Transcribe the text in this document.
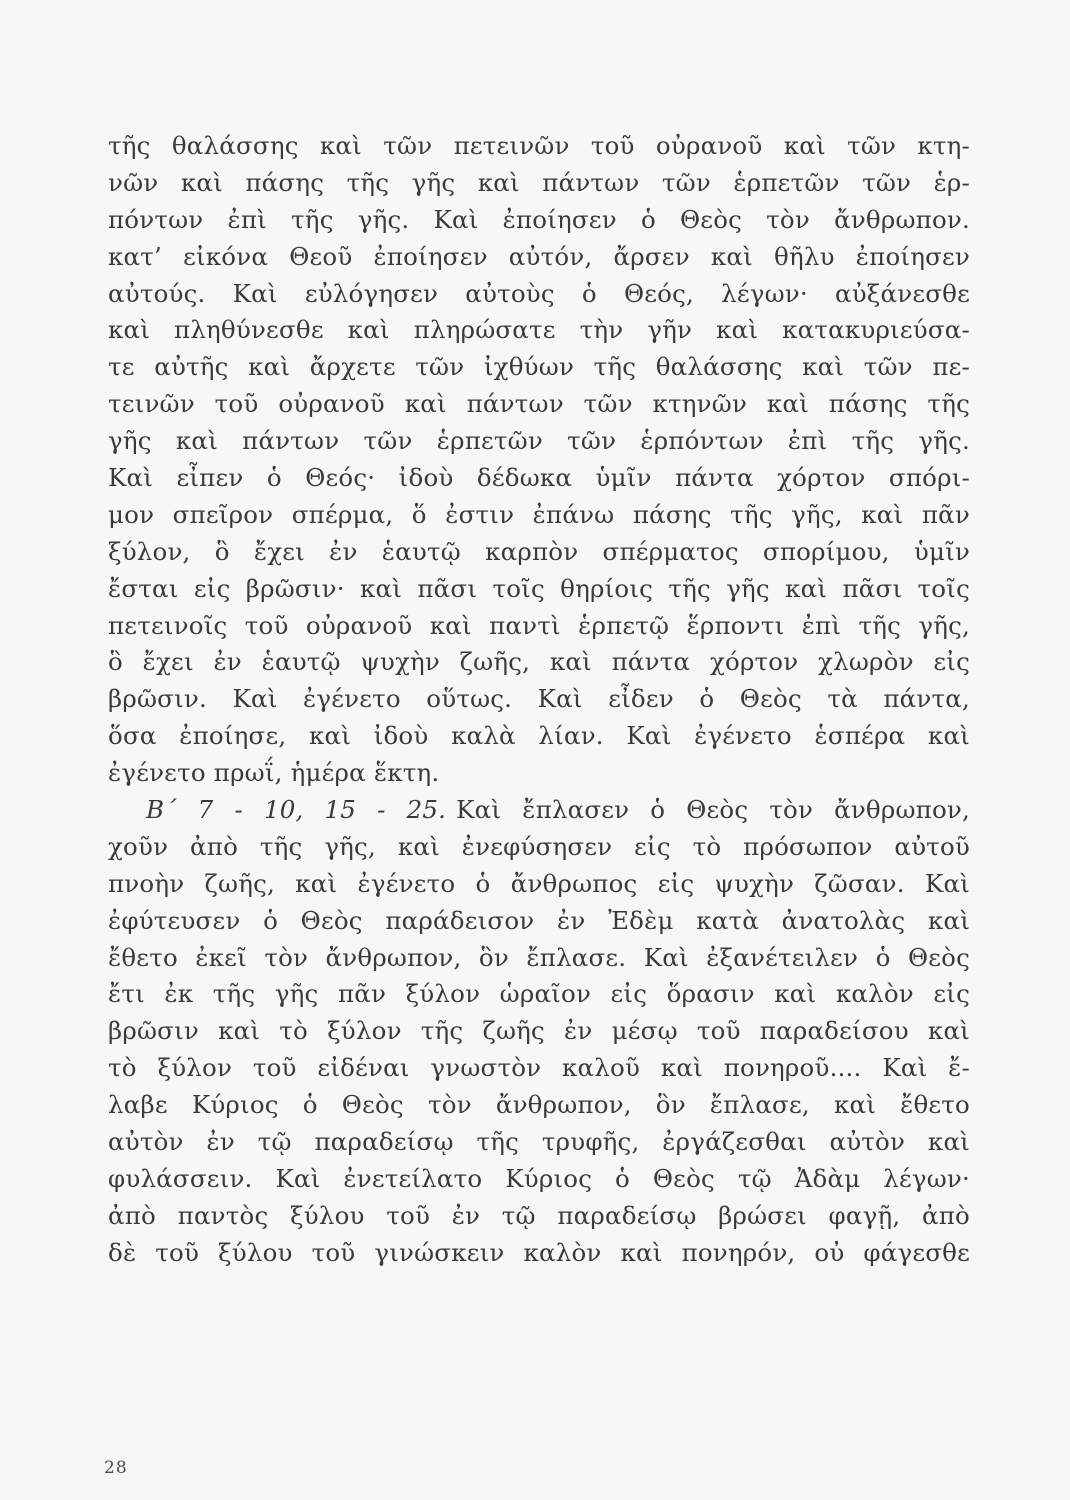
τῆς θαλάσσης καὶ τῶν πετεινῶν τοῦ οὐρανοῦ καὶ τῶν κτη-
νῶν καὶ πάσης τῆς γῆς καὶ πάντων τῶν ἑρπετῶν τῶν ἑρ-
πόντων ἐπὶ τῆς γῆς. Καὶ ἐποίησεν ὁ Θεὸς τὸν ἄνθρωπον.
κατ’ εἰκόνα Θεοῦ ἐποίησεν αὐτόν, ἄρσεν καὶ θῆλυ ἐποίησεν
αὐτούς. Καὶ εὐλόγησεν αὐτοὺς ὁ Θεός, λέγων· αὐξάνεσθε
καὶ πληθύνεσθε καὶ πληρώσατε τὴν γῆν καὶ κατακυριεύσα-
τε αὐτῆς καὶ ἄρχετε τῶν ἰχθύων τῆς θαλάσσης καὶ τῶν πε-
τεινῶν τοῦ οὐρανοῦ καὶ πάντων τῶν κτηνῶν καὶ πάσης τῆς
γῆς καὶ πάντων τῶν ἑρπετῶν τῶν ἑρπόντων ἐπὶ τῆς γῆς.
Καὶ εἶπεν ὁ Θεός· ἰδοὺ δέδωκα ὑμῖν πάντα χόρτον σπόρι-
μον σπεῖρον σπέρμα, ὅ ἐστιν ἐπάνω πάσης τῆς γῆς, καὶ πᾶν
ξύλον, ὃ ἔχει ἐν ἑαυτῷ καρπὸν σπέρματος σπορίμου, ὑμῖν
ἔσται εἰς βρῶσιν· καὶ πᾶσι τοῖς θηρίοις τῆς γῆς καὶ πᾶσι τοῖς
πετεινοῖς τοῦ οὐρανοῦ καὶ παντὶ ἑρπετῷ ἕρποντι ἐπὶ τῆς γῆς,
ὃ ἔχει ἐν ἑαυτῷ ψυχὴν ζωῆς, καὶ πάντα χόρτον χλωρὸν εἰς
βρῶσιν. Καὶ ἐγένετο οὕτως. Καὶ εἶδεν ὁ Θεὸς τὰ πάντα,
ὅσα ἐποίησε, καὶ ἰδοὺ καλὰ λίαν. Καὶ ἐγένετο ἑσπέρα καὶ
ἐγένετο πρωΐ, ἡμέρα ἕκτη.
Β΄ 7 - 10, 15 - 25. Καὶ ἔπλασεν ὁ Θεὸς τὸν ἄνθρωπον,
χοῦν ἀπὸ τῆς γῆς, καὶ ἐνεφύσησεν εἰς τὸ πρόσωπον αὐτοῦ
πνοὴν ζωῆς, καὶ ἐγένετο ὁ ἄνθρωπος εἰς ψυχὴν ζῶσαν. Καὶ
ἐφύτευσεν ὁ Θεὸς παράδεισον ἐν Ἐδὲμ κατὰ ἀνατολὰς καὶ
ἔθετο ἐκεῖ τὸν ἄνθρωπον, ὃν ἔπλασε. Καὶ ἐξανέτειλεν ὁ Θεὸς
ἔτι ἐκ τῆς γῆς πᾶν ξύλον ὡραῖον εἰς ὅρασιν καὶ καλὸν εἰς
βρῶσιν καὶ τὸ ξύλον τῆς ζωῆς ἐν μέσῳ τοῦ παραδείσου καὶ
τὸ ξύλον τοῦ εἰδέναι γνωστὸν καλοῦ καὶ πονηροῦ.... Καὶ ἔ-
λαβε Κύριος ὁ Θεὸς τὸν ἄνθρωπον, ὃν ἔπλασε, καὶ ἔθετο
αὐτὸν ἐν τῷ παραδείσῳ τῆς τρυφῆς, ἐργάζεσθαι αὐτὸν καὶ
φυλάσσειν. Καὶ ἐνετείλατο Κύριος ὁ Θεὸς τῷ Ἀδὰμ λέγων·
ἀπὸ παντὸς ξύλου τοῦ ἐν τῷ παραδείσῳ βρώσει φαγῇ, ἀπὸ
δὲ τοῦ ξύλου τοῦ γινώσκειν καλὸν καὶ πονηρόν, οὐ φάγεσθε
28
